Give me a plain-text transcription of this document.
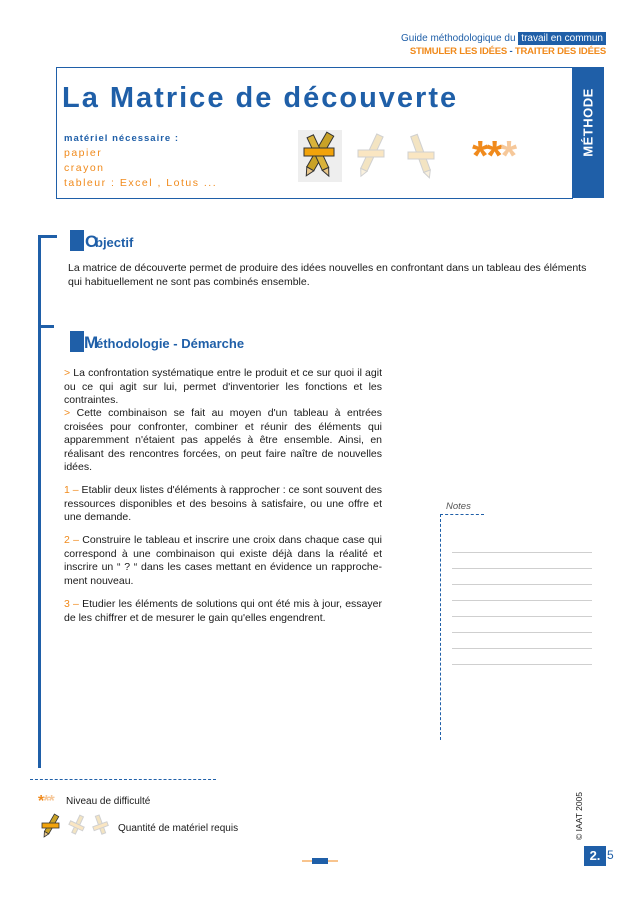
Guide méthodologique du travail en commun
STIMULER LES IDÉES - TRAITER DES IDÉES
MÉTHODE
La Matrice de découverte
matériel nécessaire :
papier
crayon
tableur : Excel , Lotus ...
***
O
bjectif
La matrice de découverte permet de produire des idées nouvelles en confrontant dans un tableau des éléments qui habituellement ne sont pas combinés ensemble.
M
éthodologie - Démarche
> La confrontation systématique entre le produit et ce sur quoi il agit ou ce qui agit sur lui, permet d'inventorier les fonctions et les contraintes.
> Cette combinaison se fait au moyen d'un tableau à entrées croisées pour confronter, combiner et réunir des éléments qui apparemment n'étaient pas appelés à être ensemble. Ainsi, en réalisant des rencontres forcées, on peut faire naître de nouvelles idées.
1 – Etablir deux listes d'éléments à rapprocher : ce sont souvent des ressources disponibles et des besoins à satisfaire, ou une offre et une demande.
2 – Construire le tableau et inscrire une croix dans chaque case qui correspond à une combinaison qui existe déjà dans la réalité et inscrire un “ ? “ dans les cases mettant en évidence un rapproche-ment nouveau.
3 – Etudier les éléments de solutions qui ont été mis à jour, essayer de les chiffrer et de mesurer le gain qu'elles engendrent.
Notes
*** Niveau de difficulté
Quantité de matériel requis	© IAAT 2005
2. 5
